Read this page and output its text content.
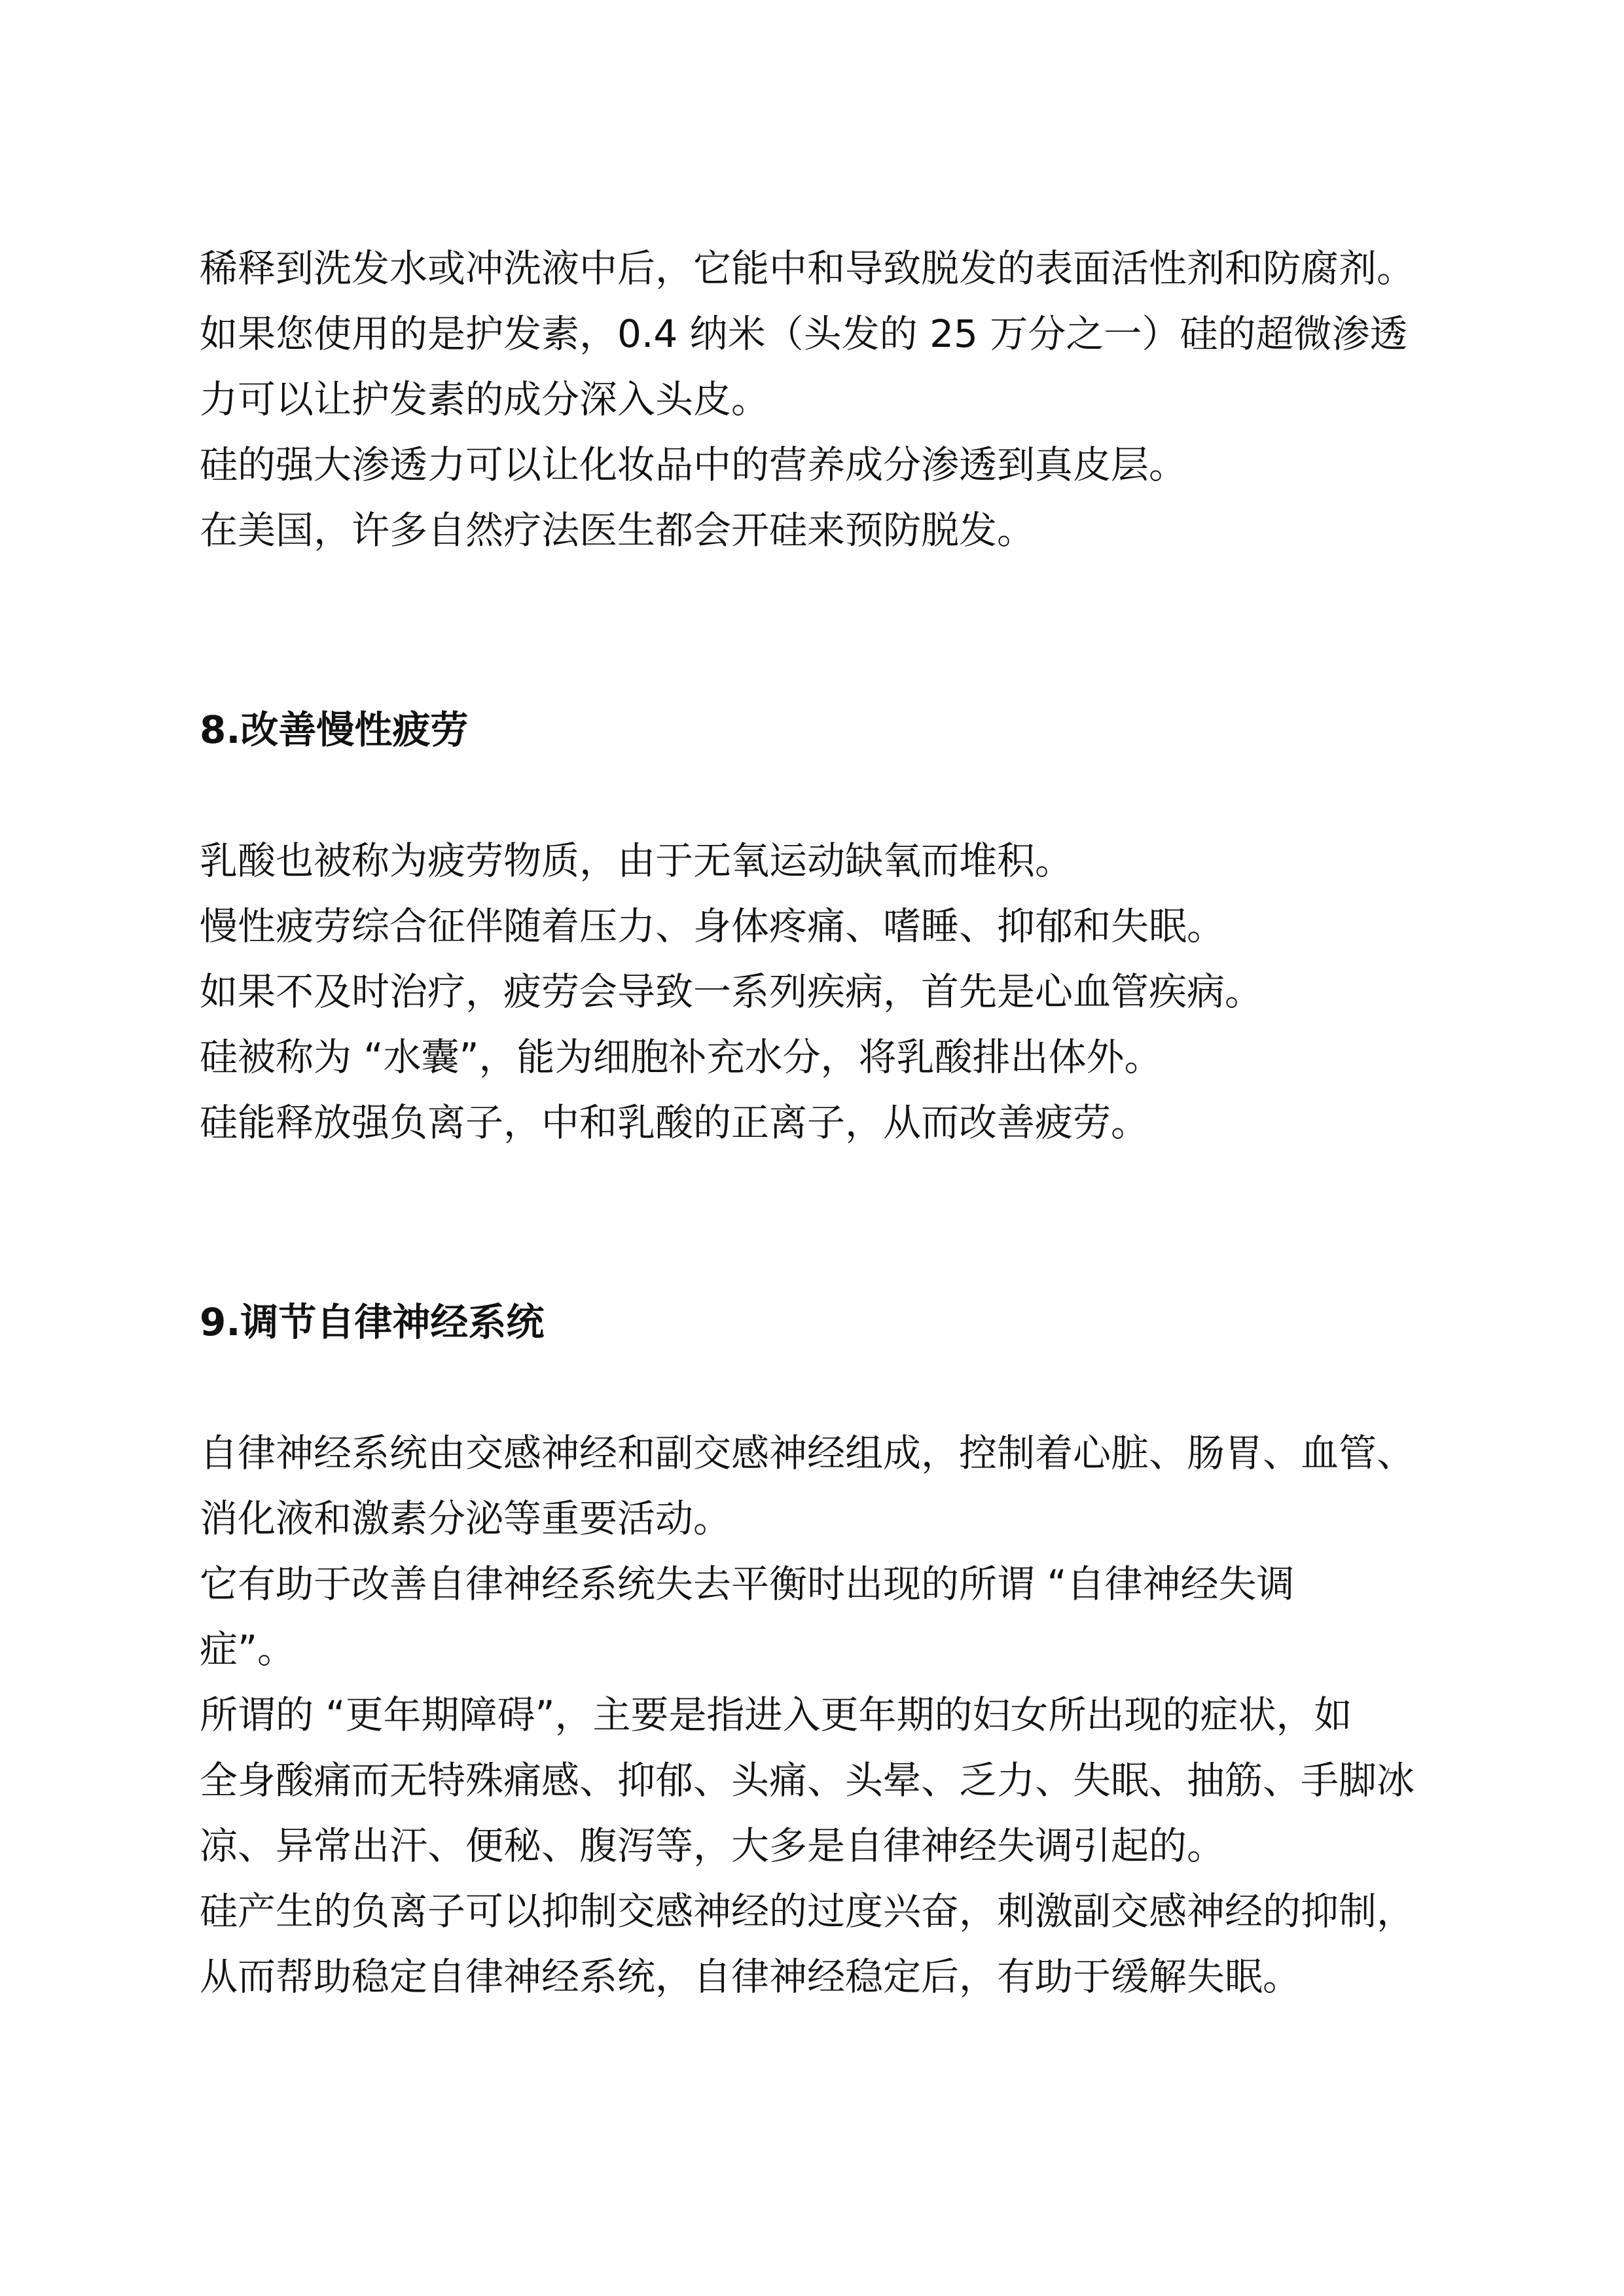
稀释到洗发水或冲洗液中后，它能中和导致脱发的表面活性剂和防腐剂。

如果您使用的是护发素，0.4 纳米（头发的 25 万分之一）硅的超微渗透

力可以让护发素的成分深入头皮。

硅的强大渗透力可以让化妆品中的营养成分渗透到真皮层。

在美国，许多自然疗法医生都会开硅来预防脱发。

8.改善慢性疲劳

乳酸也被称为疲劳物质，由于无氧运动缺氧而堆积。

慢性疲劳综合征伴随着压力、身体疼痛、嗜睡、抑郁和失眠。

如果不及时治疗，疲劳会导致一系列疾病，首先是心血管疾病。

硅被称为 “水囊”，能为细胞补充水分，将乳酸排出体外。

硅能释放强负离子，中和乳酸的正离子，从而改善疲劳。

9.调节自律神经系统

自律神经系统由交感神经和副交感神经组成，控制着心脏、肠胃、血管、

消化液和激素分泌等重要活动。

它有助于改善自律神经系统失去平衡时出现的所谓 “自律神经失调

症”。

所谓的 “更年期障碍”，主要是指进入更年期的妇女所出现的症状，如

全身酸痛而无特殊痛感、抑郁、头痛、头晕、乏力、失眠、抽筋、手脚冰

凉、异常出汗、便秘、腹泻等，大多是自律神经失调引起的。

硅产生的负离子可以抑制交感神经的过度兴奋，刺激副交感神经的抑制，

从而帮助稳定自律神经系统，自律神经稳定后，有助于缓解失眠。
